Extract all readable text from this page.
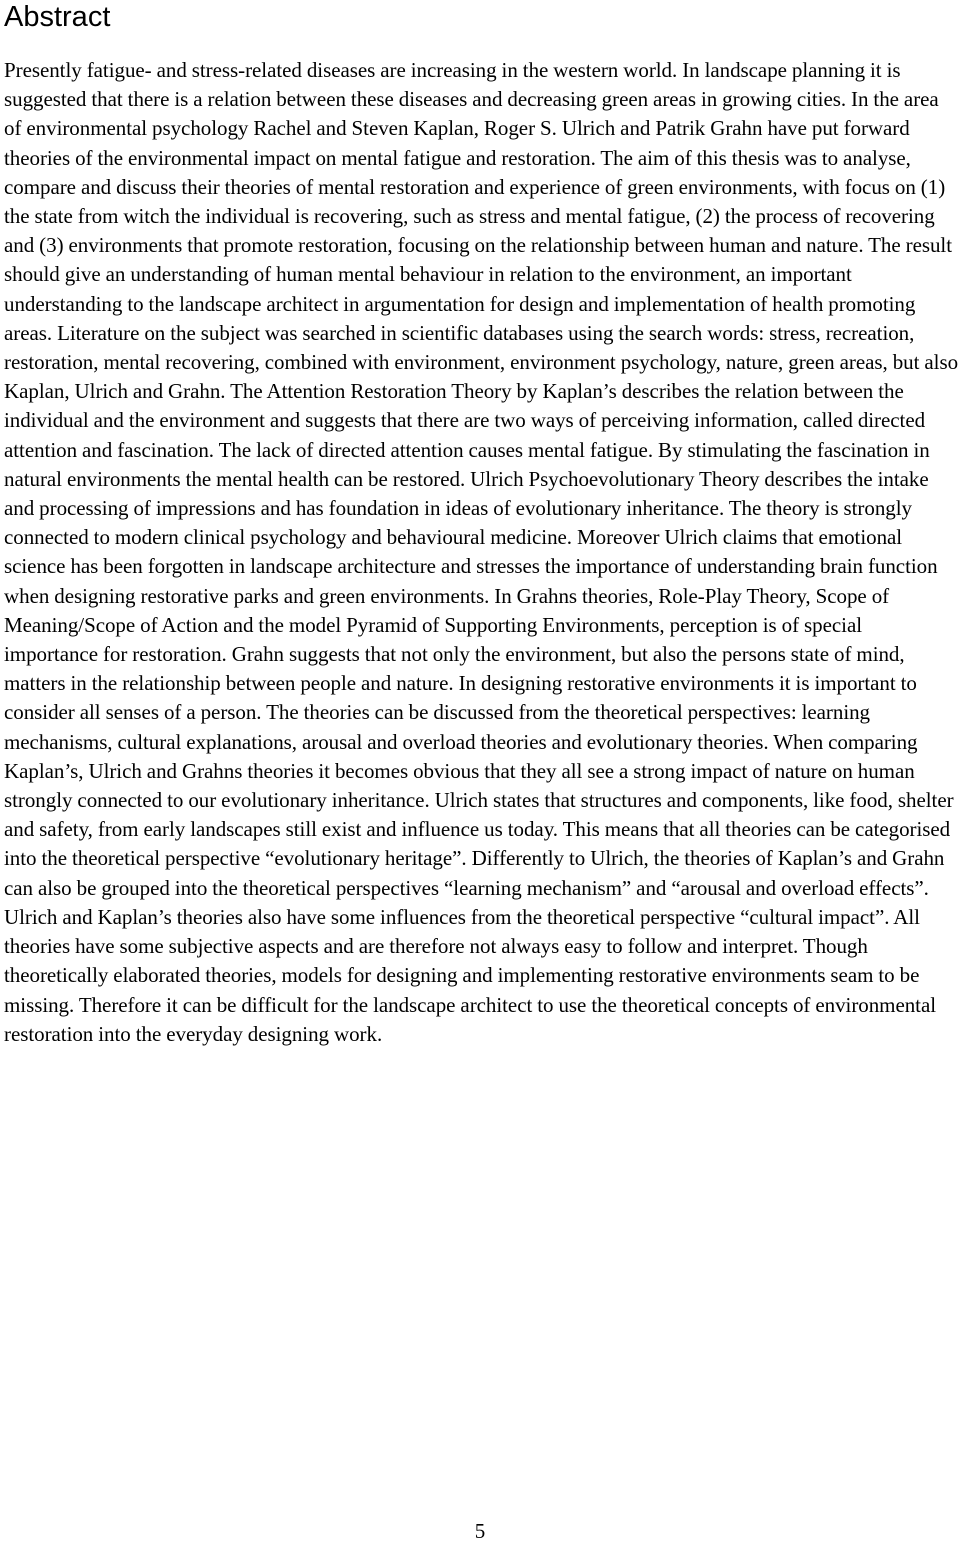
Abstract

Presently fatigue- and stress-related diseases are increasing in the western world. In landscape planning it is suggested that there is a relation between these diseases and decreasing green areas in growing cities. In the area of environmental psychology Rachel and Steven Kaplan, Roger S. Ulrich and Patrik Grahn have put forward theories of the environmental impact on mental fatigue and restoration. The aim of this thesis was to analyse, compare and discuss their theories of mental restoration and experience of green environments, with focus on (1) the state from witch the individual is recovering, such as stress and mental fatigue, (2) the process of recovering and (3) environments that promote restoration, focusing on the relationship between human and nature. The result should give an understanding of human mental behaviour in relation to the environment, an important understanding to the landscape architect in argumentation for design and implementation of health promoting areas. Literature on the subject was searched in scientific databases using the search words: stress, recreation, restoration, mental recovering, combined with environment, environment psychology, nature, green areas, but also Kaplan, Ulrich and Grahn. The Attention Restoration Theory by Kaplan’s describes the relation between the individual and the environment and suggests that there are two ways of perceiving information, called directed attention and fascination. The lack of directed attention causes mental fatigue. By stimulating the fascination in natural environments the mental health can be restored. Ulrich Psychoevolutionary Theory describes the intake and processing of impressions and has foundation in ideas of evolutionary inheritance. The theory is strongly connected to modern clinical psychology and behavioural medicine. Moreover Ulrich claims that emotional science has been forgotten in landscape architecture and stresses the importance of understanding brain function when designing restorative parks and green environments. In Grahns theories, Role-Play Theory, Scope of Meaning/Scope of Action and the model Pyramid of Supporting Environments, perception is of special importance for restoration. Grahn suggests that not only the environment, but also the persons state of mind, matters in the relationship between people and nature. In designing restorative environments it is important to consider all senses of a person. The theories can be discussed from the theoretical perspectives: learning mechanisms, cultural explanations, arousal and overload theories and evolutionary theories. When comparing Kaplan’s, Ulrich and Grahns theories it becomes obvious that they all see a strong impact of nature on human strongly connected to our evolutionary inheritance. Ulrich states that structures and components, like food, shelter and safety, from early landscapes still exist and influence us today. This means that all theories can be categorised into the theoretical perspective “evolutionary heritage”. Differently to Ulrich, the theories of Kaplan’s and Grahn can also be grouped into the theoretical perspectives “learning mechanism” and “arousal and overload effects”. Ulrich and Kaplan’s theories also have some influences from the theoretical perspective “cultural impact”. All theories have some subjective aspects and are therefore not always easy to follow and interpret. Though theoretically elaborated theories, models for designing and implementing restorative environments seam to be missing. Therefore it can be difficult for the landscape architect to use the theoretical concepts of environmental restoration into the everyday designing work.

5
